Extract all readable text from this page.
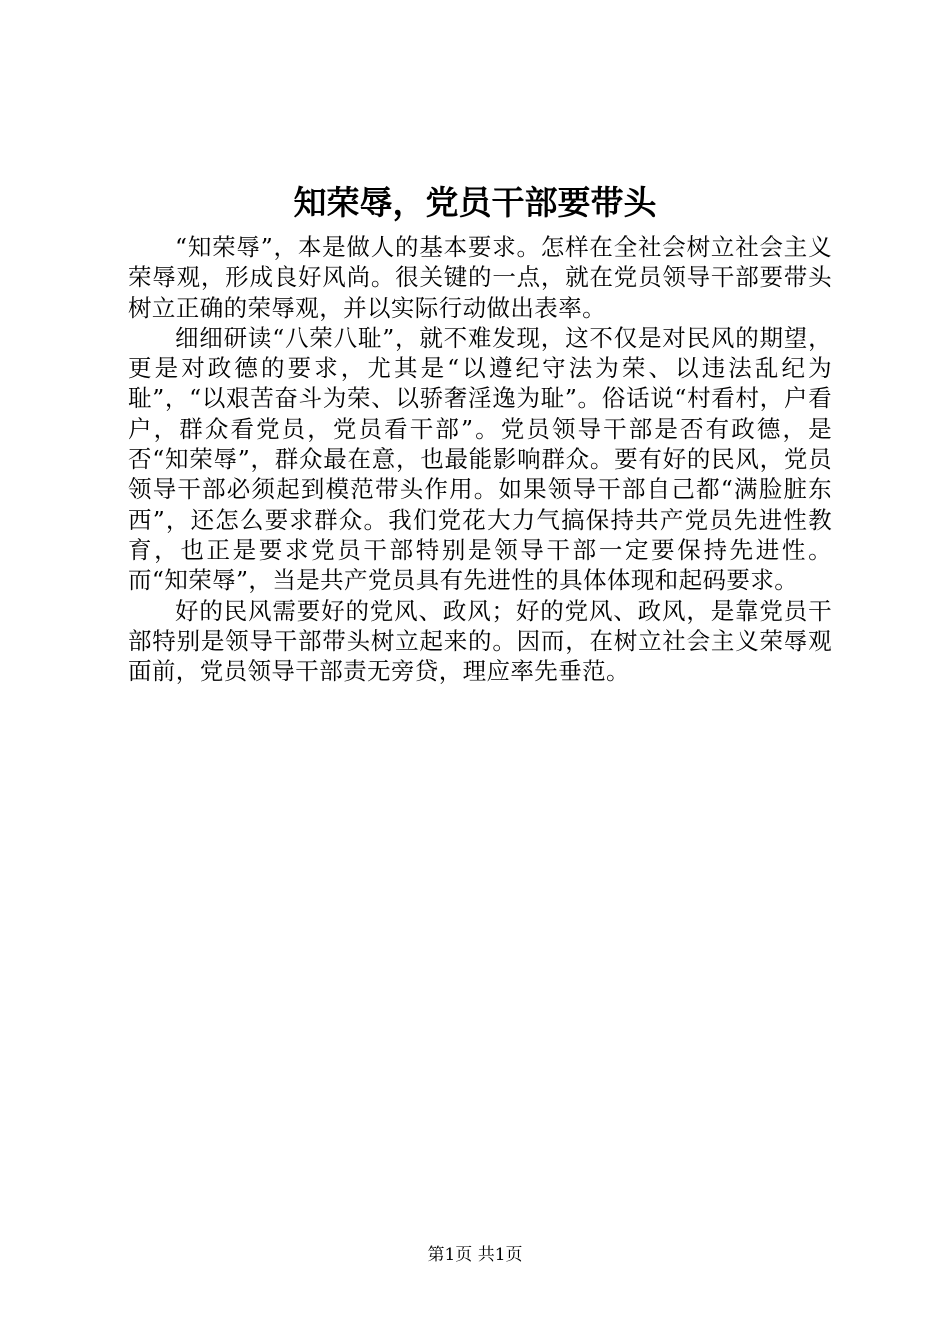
知荣辱，党员干部要带头

“知荣辱”，本是做人的基本要求。怎样在全社会树立社会主义荣辱观，形成良好风尚。很关键的一点，就在党员领导干部要带头树立正确的荣辱观，并以实际行动做出表率。

细细研读“八荣八耻”，就不难发现，这不仅是对民风的期望，更是对政德的要求，尤其是“以遵纪守法为荣、以违法乱纪为耻”，“以艰苦奋斗为荣、以骄奢淫逸为耻”。俗话说“村看村，户看户，群众看党员，党员看干部”。党员领导干部是否有政德，是否“知荣辱”，群众最在意，也最能影响群众。要有好的民风，党员领导干部必须起到模范带头作用。如果领导干部自己都“满脸脏东西”，还怎么要求群众。我们党花大力气搞保持共产党员先进性教育，也正是要求党员干部特别是领导干部一定要保持先进性。而“知荣辱”，当是共产党员具有先进性的具体体现和起码要求。

好的民风需要好的党风、政风；好的党风、政风，是靠党员干部特别是领导干部带头树立起来的。因而，在树立社会主义荣辱观面前，党员领导干部责无旁贷，理应率先垂范。

第1页 共1页
